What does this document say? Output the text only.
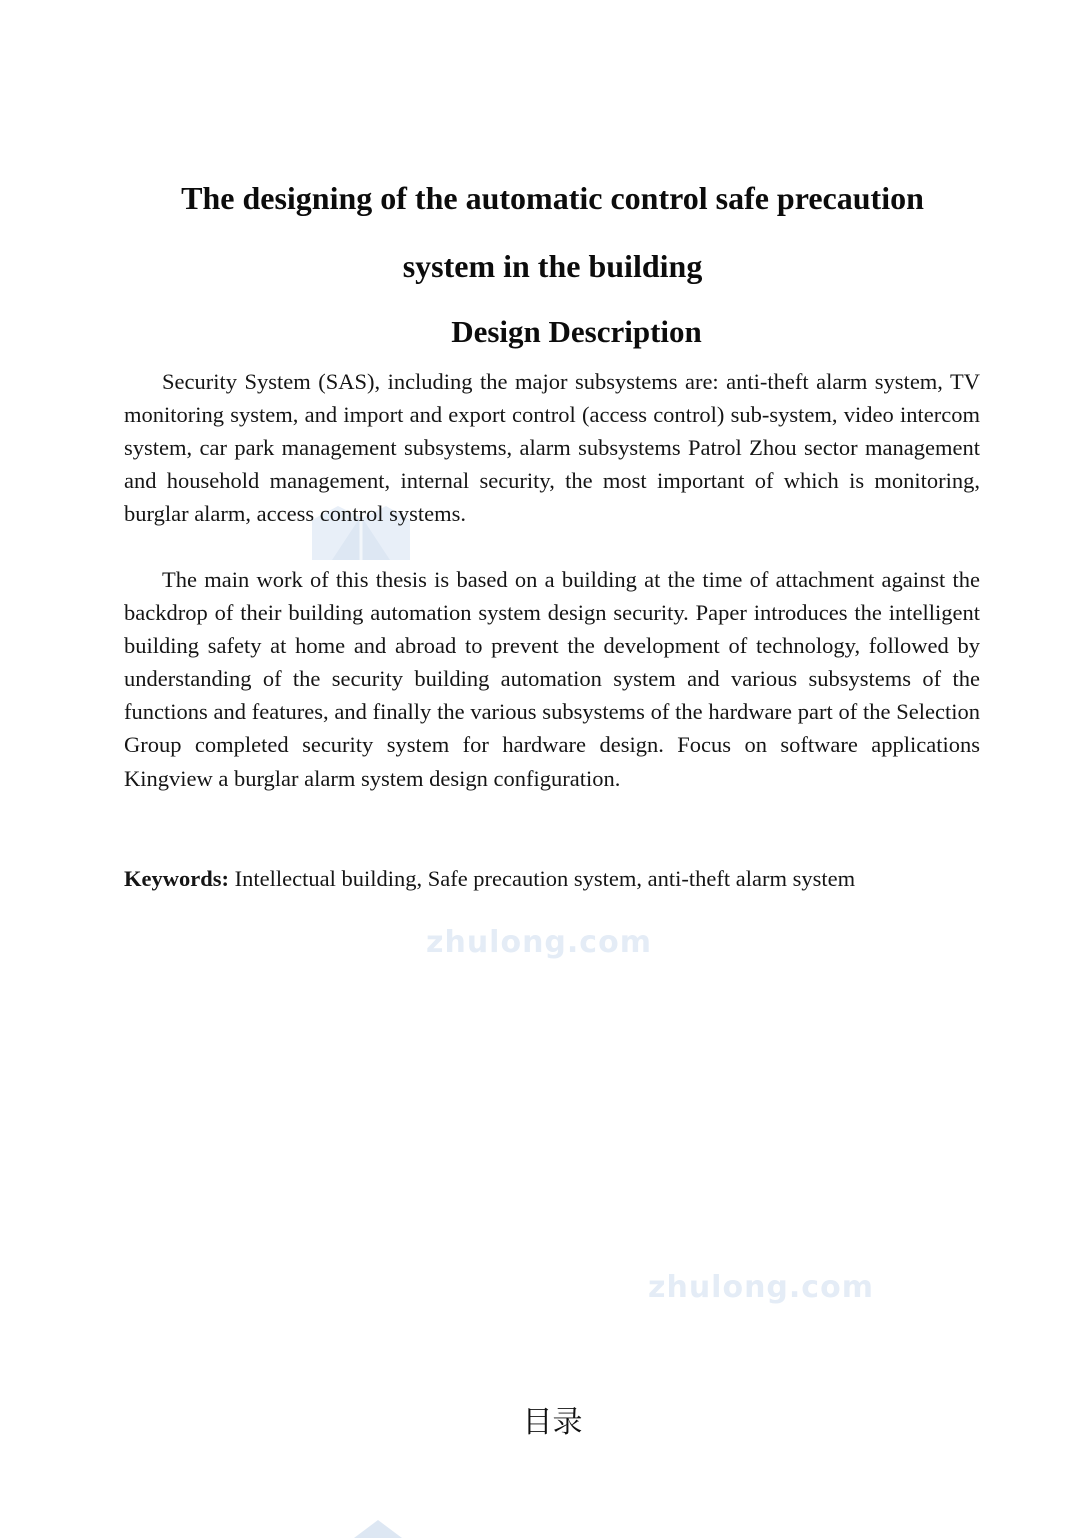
zhulong.com
zhulong.com
The designing of the automatic control safe precaution
system in the building
Design Description

Security System (SAS), including the major subsystems are: anti-theft alarm system, TV monitoring system, and import and export control (access control) sub-system, video intercom system, car park management subsystems, alarm subsystems Patrol Zhou sector management and household management, internal security, the most important of which is monitoring, burglar alarm, access control systems.

The main work of this thesis is based on a building at the time of attachment against the backdrop of their building automation system design security. Paper introduces the intelligent building safety at home and abroad to prevent the development of technology, followed by understanding of the security building automation system and various subsystems of the functions and features, and finally the various subsystems of the hardware part of the Selection Group completed security system for hardware design. Focus on software applications Kingview a burglar alarm system design configuration.

Keywords: Intellectual building, Safe precaution system, anti-theft alarm system

目录
